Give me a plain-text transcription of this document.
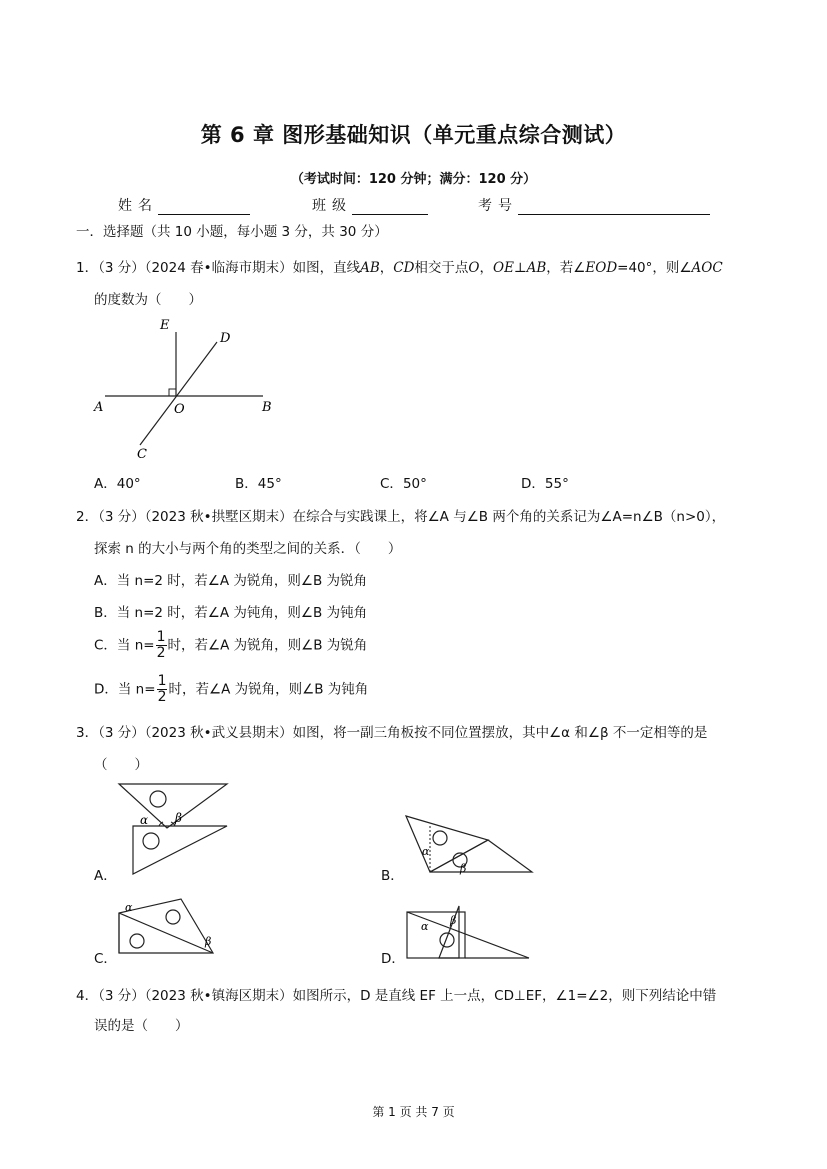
第 6 章 图形基础知识（单元重点综合测试）
（考试时间：120 分钟；满分：120 分）
姓名	班级	考号
一．选择题（共 10 小题，每小题 3 分，共 30 分）
1．（3 分）（2024 春•临海市期末）如图，直线AB，CD相交于点O，OE⊥AB，若∠EOD=40°，则∠AOC
的度数为（　　）
E
D
A	O	B
C
A．40°	B．45°	C．50°	D．55°
2．（3 分）（2023 秋•拱墅区期末）在综合与实践课上，将∠A 与∠B 两个角的关系记为∠A=n∠B（n>0），
探索 n 的大小与两个角的类型之间的关系．（　　）
A．当 n=2 时，若∠A 为锐角，则∠B 为锐角
B．当 n=2 时，若∠A 为钝角，则∠B 为钝角
C．当 $n= \frac{1}{2}$ 时，若∠A 为锐角，则∠B 为锐角
D．当 $n= \frac{1}{2}$ 时，若∠A 为锐角，则∠B 为钝角
3．（3 分）（2023 秋•武义县期末）如图，将一副三角板按不同位置摆放，其中∠α 和∠β 不一定相等的是
（　　）
α β
A．
α
β
B．
α
β
C．
α β
D．
4．（3 分）（2023 秋•镇海区期末）如图所示，D 是直线 EF 上一点，CD⊥EF，∠1=∠2，则下列结论中错
误的是（　　）
第 1 页 共 7 页
